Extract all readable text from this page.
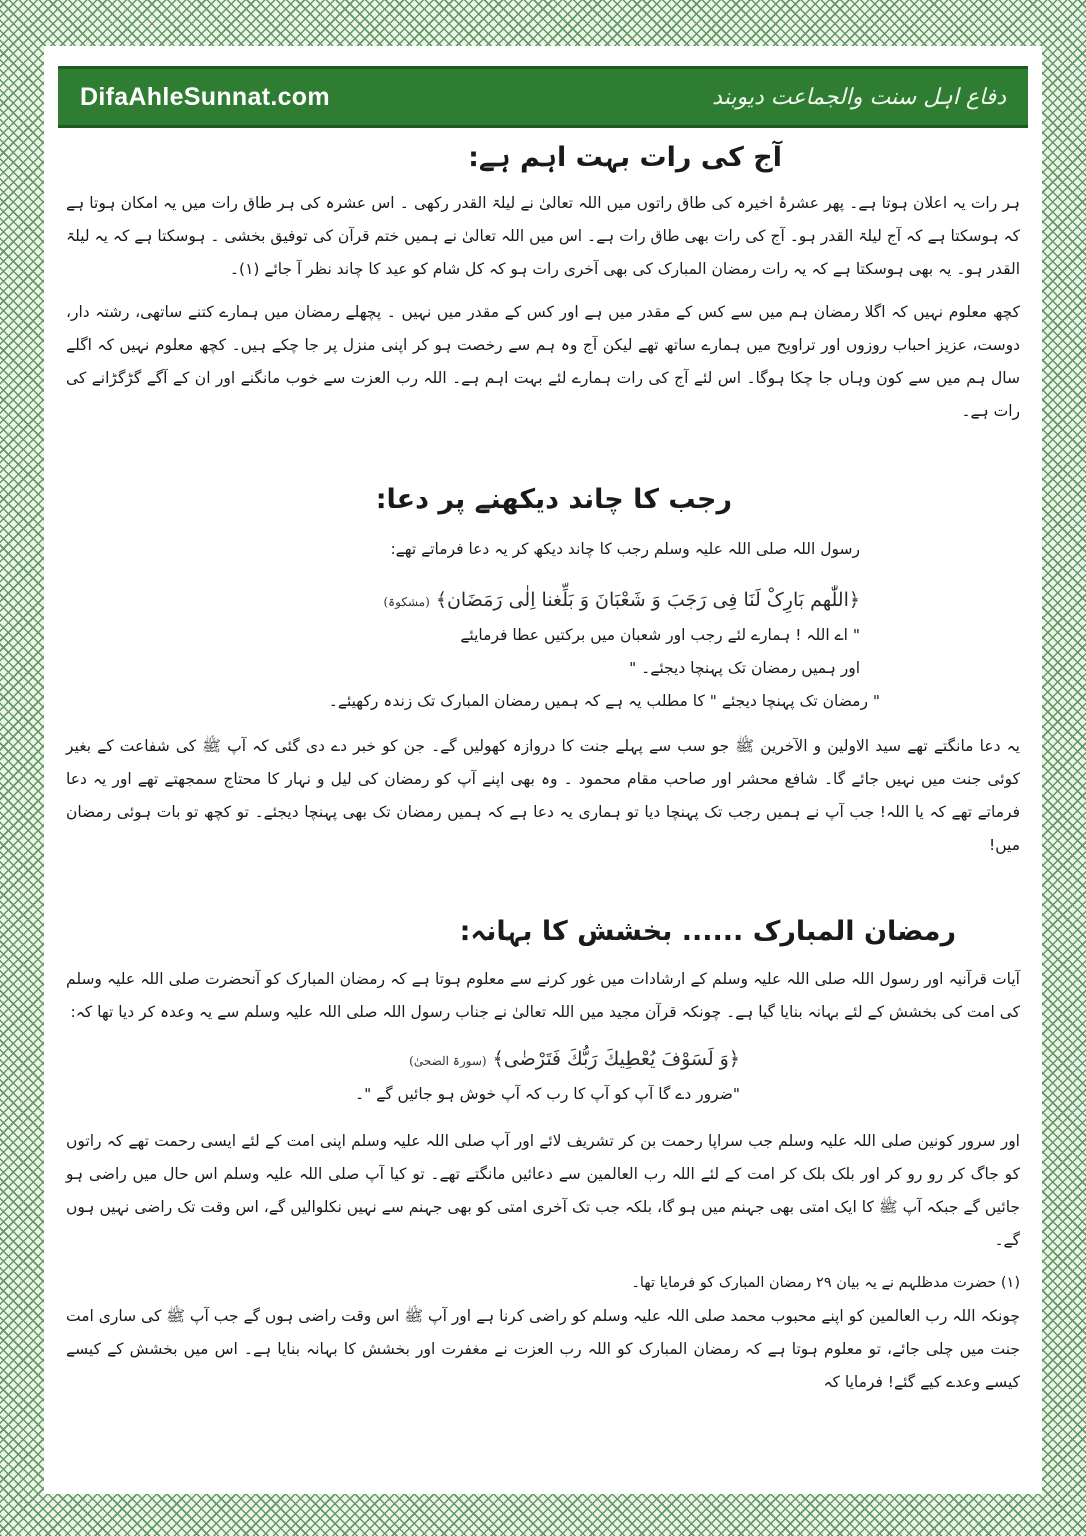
DifaAhleSunnat.com	دفاع اہل سنت والجماعت دیوبند
آج کی رات بہت اہم ہے:

ہر رات یہ اعلان ہوتا ہے۔ پھر عشرۂ اخیرہ کی طاق راتوں میں اللہ تعالیٰ نے لیلۃ القدر رکھی ۔ اس عشرہ کی ہر طاق رات میں یہ امکان ہوتا ہے کہ ہوسکتا ہے کہ آج لیلۃ القدر ہو۔ آج کی رات بھی طاق رات ہے۔ اس میں اللہ تعالیٰ نے ہمیں ختم قرآن کی توفیق بخشی ۔ ہوسکتا ہے کہ یہ لیلۃ القدر ہو۔ یہ بھی ہوسکتا ہے کہ یہ رات رمضان المبارک کی بھی آخری رات ہو کہ کل شام کو عید کا چاند نظر آ جائے (۱)۔

کچھ معلوم نہیں کہ اگلا رمضان ہم میں سے کس کے مقدر میں ہے اور کس کے مقدر میں نہیں ۔ پچھلے رمضان میں ہمارے کتنے ساتھی، رشتہ دار، دوست، عزیز احباب روزوں اور تراویح میں ہمارے ساتھ تھے لیکن آج وہ ہم سے رخصت ہو کر اپنی منزل پر جا چکے ہیں۔ کچھ معلوم نہیں کہ اگلے سال ہم میں سے کون وہاں جا چکا ہوگا۔ اس لئے آج کی رات ہمارے لئے بہت اہم ہے۔ اللہ رب العزت سے خوب مانگنے اور ان کے آگے گڑگڑانے کی رات ہے۔

رجب کا چاند دیکھنے پر دعا:

رسول اللہ صلی اللہ علیہ وسلم رجب کا چاند دیکھ کر یہ دعا فرماتے تھے:

﴿اللّٰھم بَارِکْ لَنَا فِی رَجَبَ وَ شَعْبَانَ وَ بَلِّغنا اِلٰی رَمَضَان﴾ (مشکوۃ)

" اے اللہ ! ہمارے لئے رجب اور شعبان میں برکتیں عطا فرمایئے

اور ہمیں رمضان تک پہنچا دیجئے۔ "

" رمضان تک پہنچا دیجئے " کا مطلب یہ ہے کہ ہمیں رمضان المبارک تک زندہ رکھیئے۔

یہ دعا مانگتے تھے سید الاولین و الآخرین ﷺ جو سب سے پہلے جنت کا دروازہ کھولیں گے۔ جن کو خبر دے دی گئی کہ آپ ﷺ کی شفاعت کے بغیر کوئی جنت میں نہیں جائے گا۔ شافع محشر اور صاحب مقام محمود ۔ وہ بھی اپنے آپ کو رمضان کی لیل و نہار کا محتاج سمجھتے تھے اور یہ دعا فرماتے تھے کہ یا اللہ! جب آپ نے ہمیں رجب تک پہنچا دیا تو ہماری یہ دعا ہے کہ ہمیں رمضان تک بھی پہنچا دیجئے۔ تو کچھ تو بات ہوئی رمضان میں!

رمضان المبارک ...... بخشش کا بہانہ:

آیات قرآنیہ اور رسول اللہ صلی اللہ علیہ وسلم کے ارشادات میں غور کرنے سے معلوم ہوتا ہے کہ رمضان المبارک کو آنحضرت صلی اللہ علیہ وسلم کی امت کی بخشش کے لئے بہانہ بنایا گیا ہے۔ چونکہ قرآن مجید میں اللہ تعالیٰ نے جناب رسول اللہ صلی اللہ علیہ وسلم سے یہ وعدہ کر دیا تھا کہ:

﴿وَ لَسَوْفَ يُعْطِيكَ رَبُّكَ فَتَرْضٰى﴾ (سورۃ الضحیٰ)

"ضرور دے گا آپ کو آپ کا رب کہ آپ خوش ہو جائیں گے "۔

اور سرور کونین صلی اللہ علیہ وسلم جب سراپا رحمت بن کر تشریف لائے اور آپ صلی اللہ علیہ وسلم اپنی امت کے لئے ایسی رحمت تھے کہ راتوں کو جاگ کر رو رو کر اور بلک بلک کر امت کے لئے اللہ رب العالمین سے دعائیں مانگتے تھے۔ تو کیا آپ صلی اللہ علیہ وسلم اس حال میں راضی ہو جائیں گے جبکہ آپ ﷺ کا ایک امتی بھی جہنم میں ہو گا، بلکہ جب تک آخری امتی کو بھی جہنم سے نہیں نکلوالیں گے، اس وقت تک راضی نہیں ہوں گے۔

(۱) حضرت مدظلہم نے یہ بیان ۲۹ رمضان المبارک کو فرمایا تھا۔

چونکہ اللہ رب العالمین کو اپنے محبوب محمد صلی اللہ علیہ وسلم کو راضی کرنا ہے اور آپ ﷺ اس وقت راضی ہوں گے جب آپ ﷺ کی ساری امت جنت میں چلی جائے، تو معلوم ہوتا ہے کہ رمضان المبارک کو اللہ رب العزت نے مغفرت اور بخشش کا بہانہ بنایا ہے۔ اس میں بخشش کے کیسے کیسے وعدے کیے گئے! فرمایا کہ
